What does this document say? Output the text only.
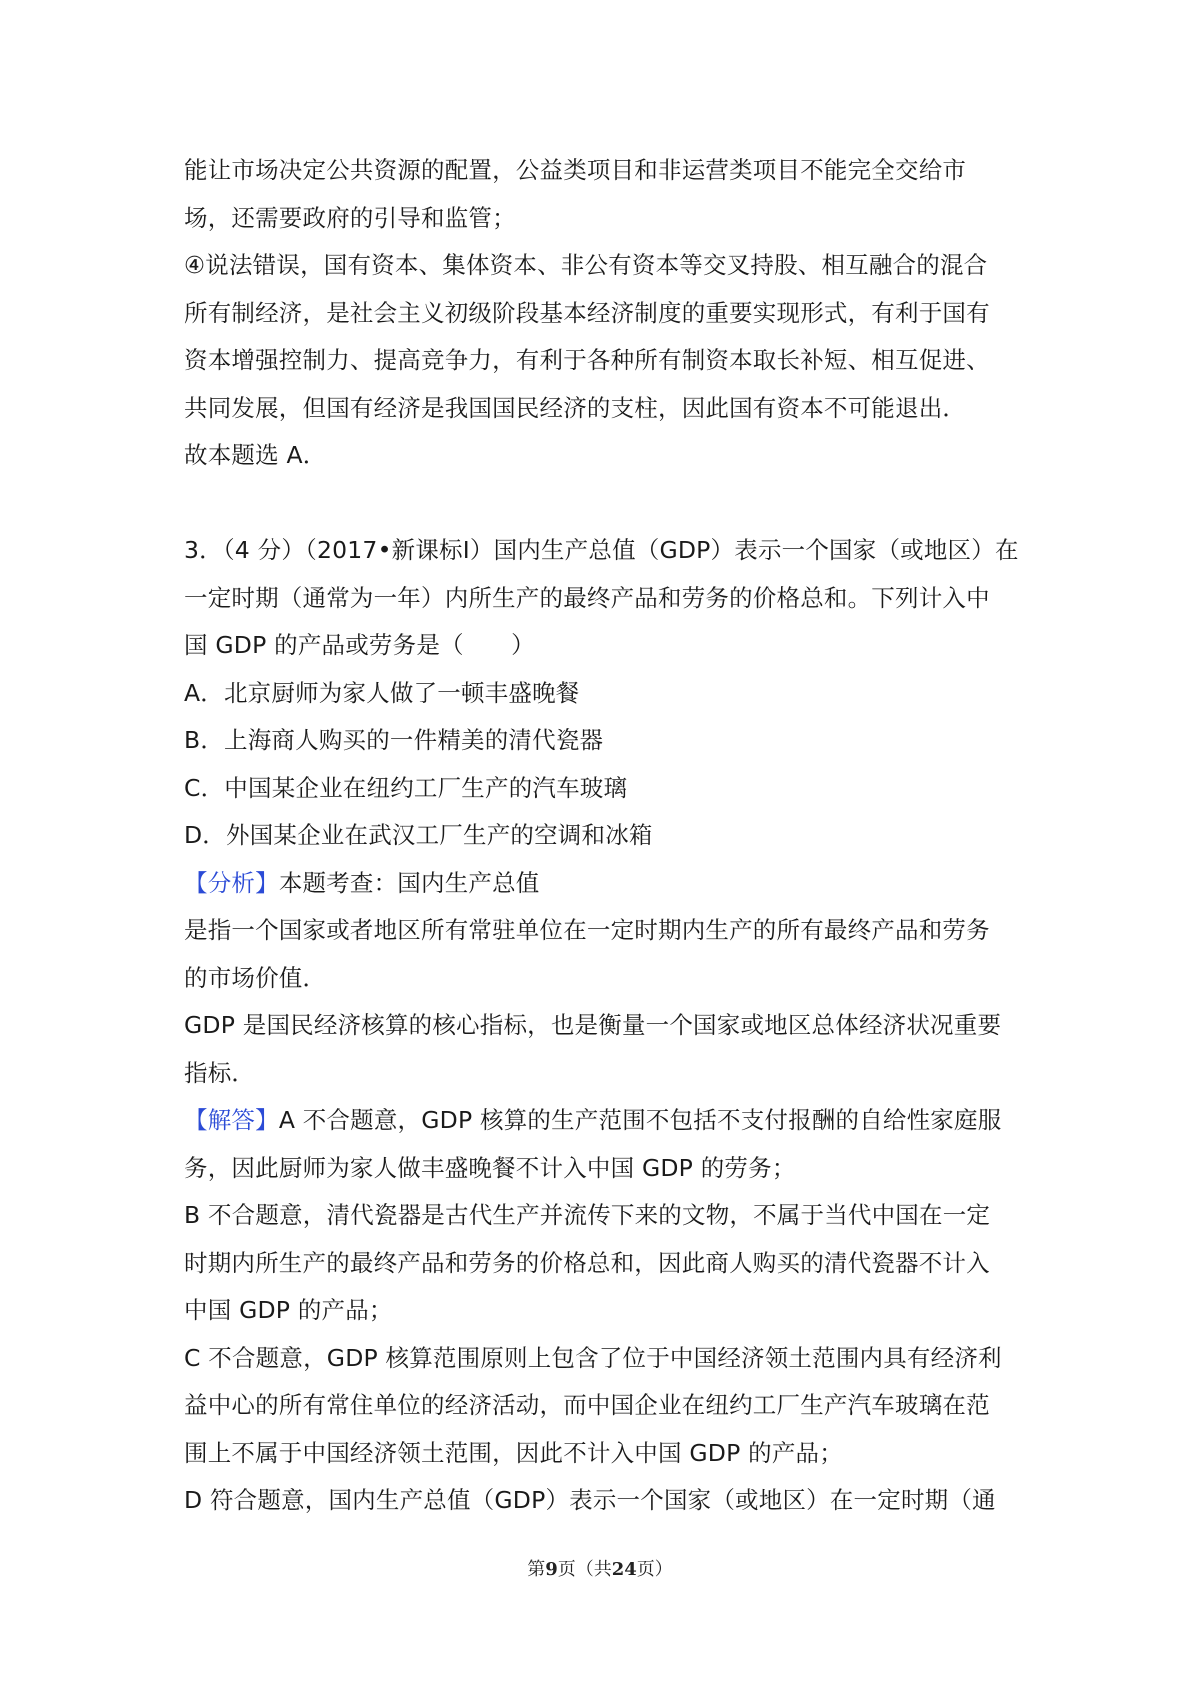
能让市场决定公共资源的配置，公益类项目和非运营类项目不能完全交给市
场，还需要政府的引导和监管；
④说法错误，国有资本、集体资本、非公有资本等交叉持股、相互融合的混合
所有制经济，是社会主义初级阶段基本经济制度的重要实现形式，有利于国有
资本增强控制力、提高竞争力，有利于各种所有制资本取长补短、相互促进、
共同发展，但国有经济是我国国民经济的支柱，因此国有资本不可能退出．
故本题选 A．
3．（4 分）（2017•新课标Ⅰ）国内生产总值（GDP）表示一个国家（或地区）在
一定时期（通常为一年）内所生产的最终产品和劳务的价格总和。下列计入中
国 GDP 的产品或劳务是（　　）
A．北京厨师为家人做了一顿丰盛晚餐
B．上海商人购买的一件精美的清代瓷器
C．中国某企业在纽约工厂生产的汽车玻璃
D．外国某企业在武汉工厂生产的空调和冰箱
【分析】本题考查：国内生产总值
是指一个国家或者地区所有常驻单位在一定时期内生产的所有最终产品和劳务
的市场价值．
GDP 是国民经济核算的核心指标，也是衡量一个国家或地区总体经济状况重要
指标．
【解答】A 不合题意，GDP 核算的生产范围不包括不支付报酬的自给性家庭服
务，因此厨师为家人做丰盛晚餐不计入中国 GDP 的劳务；
B 不合题意，清代瓷器是古代生产并流传下来的文物，不属于当代中国在一定
时期内所生产的最终产品和劳务的价格总和，因此商人购买的清代瓷器不计入
中国 GDP 的产品；
C 不合题意，GDP 核算范围原则上包含了位于中国经济领土范围内具有经济利
益中心的所有常住单位的经济活动，而中国企业在纽约工厂生产汽车玻璃在范
围上不属于中国经济领土范围，因此不计入中国 GDP 的产品；
D 符合题意，国内生产总值（GDP）表示一个国家（或地区）在一定时期（通
第9页（共24页）
